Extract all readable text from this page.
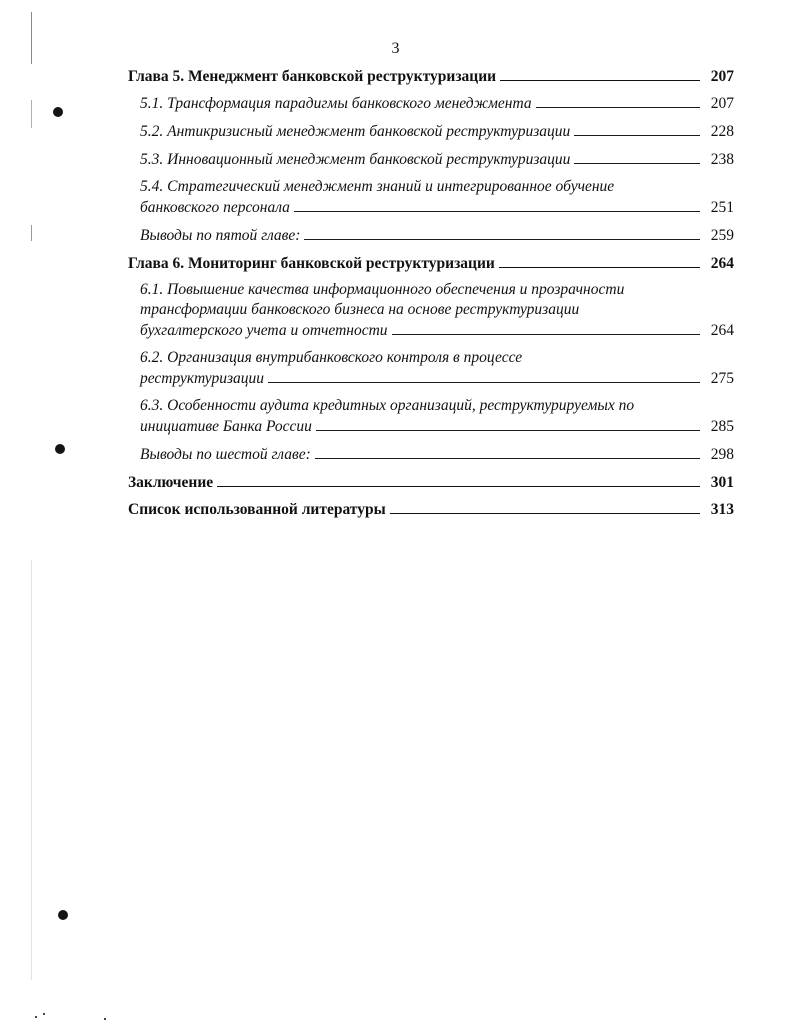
3
Глава 5. Менеджмент банковской реструктуризации	207
5.1. Трансформация парадигмы банковского менеджмента	207
5.2. Антикризисный менеджмент банковской реструктуризации	228
5.3. Инновационный менеджмент банковской реструктуризации	238
5.4. Стратегический менеджмент знаний и интегрированное обучение
банковского персонала	251
Выводы по пятой главе:	259
Глава 6. Мониторинг банковской реструктуризации	264
6.1. Повышение качества информационного обеспечения и прозрачности
трансформации банковского бизнеса на основе реструктуризации
бухгалтерского учета и отчетности	264
6.2. Организация внутрибанковского контроля в процессе
реструктуризации	275
6.3. Особенности аудита кредитных организаций, реструктурируемых по
инициативе Банка России	285
Выводы по шестой главе:	298
Заключение	301
Список использованной литературы	313
